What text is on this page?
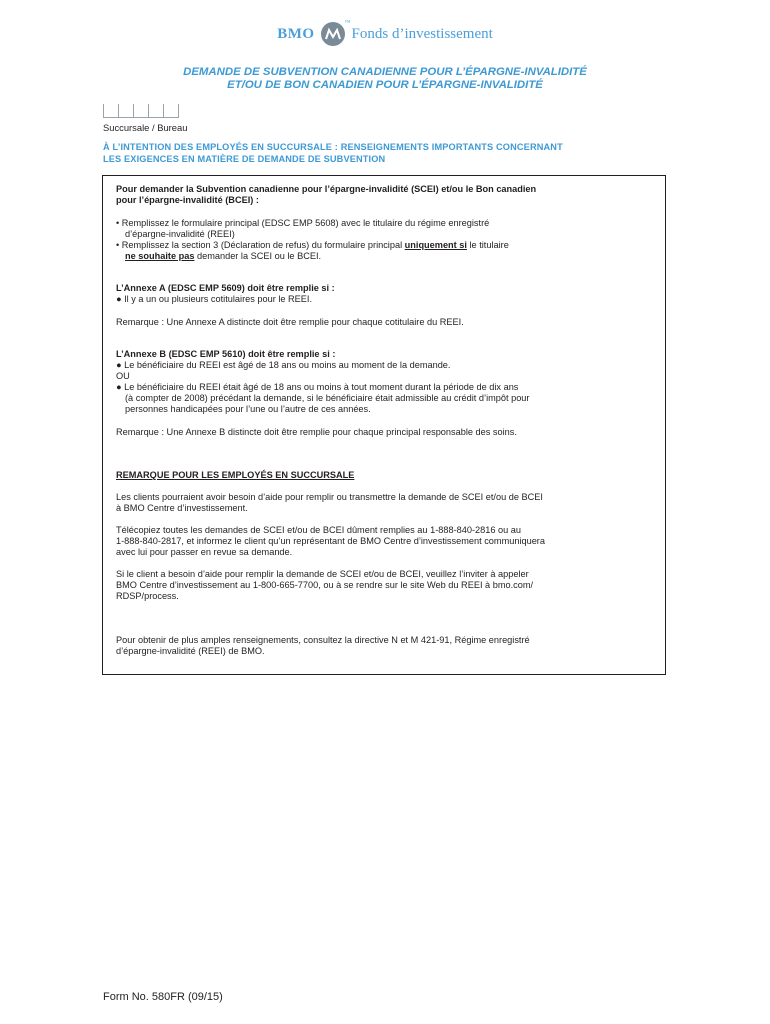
BMO
™
Fonds d’investissement
DEMANDE DE SUBVENTION CANADIENNE POUR L’ÉPARGNE-INVALIDITÉ
ET/OU DE BON CANADIEN POUR L’ÉPARGNE-INVALIDITÉ
Succursale / Bureau
À L’INTENTION DES EMPLOYÉS EN SUCCURSALE : RENSEIGNEMENTS IMPORTANTS CONCERNANT
LES EXIGENCES EN MATIÈRE DE DEMANDE DE SUBVENTION
Pour demander la Subvention canadienne pour l’épargne-invalidité (SCEI) et/ou le Bon canadien
pour l’épargne-invalidité (BCEI) :
• Remplissez le formulaire principal (EDSC EMP 5608) avec le titulaire du régime enregistré
d’épargne-invalidité (REEI)
• Remplissez la section 3 (Déclaration de refus) du formulaire principal uniquement si le titulaire
ne souhaite pas demander la SCEI ou le BCEI.
L’Annexe A (EDSC EMP 5609) doit être remplie si :
● Il y a un ou plusieurs cotitulaires pour le REEI.
Remarque : Une Annexe A distincte doit être remplie pour chaque cotitulaire du REEI.
L’Annexe B (EDSC EMP 5610) doit être remplie si :
● Le bénéficiaire du REEI est âgé de 18 ans ou moins au moment de la demande.
OU
● Le bénéficiaire du REEI était âgé de 18 ans ou moins à tout moment durant la période de dix ans
(à compter de 2008) précédant la demande, si le bénéficiaire était admissible au crédit d’impôt pour
personnes handicapées pour l’une ou l’autre de ces années.
Remarque : Une Annexe B distincte doit être remplie pour chaque principal responsable des soins.
REMARQUE POUR LES EMPLOYÉS EN SUCCURSALE
Les clients pourraient avoir besoin d’aide pour remplir ou transmettre la demande de SCEI et/ou de BCEI
à BMO Centre d’investissement.
Télécopiez toutes les demandes de SCEI et/ou de BCEI dûment remplies au 1-888-840-2816 ou au
1-888-840-2817, et informez le client qu’un représentant de BMO Centre d’investissement communiquera
avec lui pour passer en revue sa demande.
Si le client a besoin d’aide pour remplir la demande de SCEI et/ou de BCEI, veuillez l’inviter à appeler
BMO Centre d’investissement au 1-800-665-7700, ou à se rendre sur le site Web du REEI à bmo.com/
RDSP/process.
Pour obtenir de plus amples renseignements, consultez la directive N et M 421-91, Régime enregistré
d’épargne-invalidité (REEI) de BMO.
Form No. 580FR (09/15)
